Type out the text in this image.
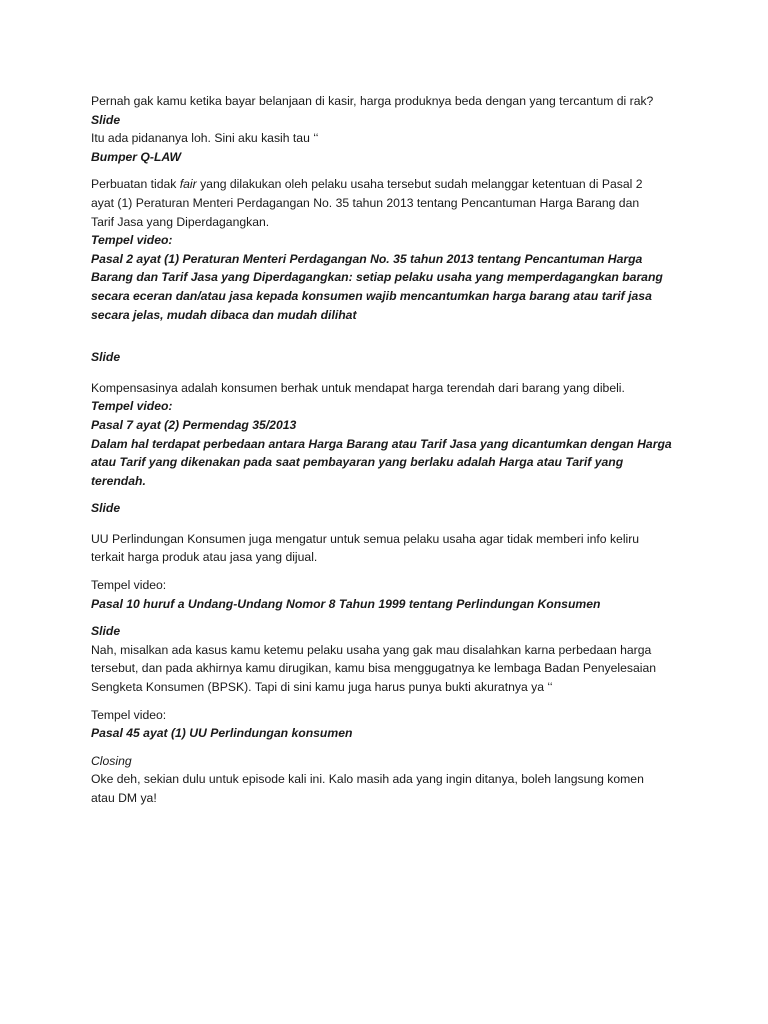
Pernah gak kamu ketika bayar belanjaan di kasir, harga produknya beda dengan yang tercantum di rak?
Slide
Itu ada pidananya loh. Sini aku kasih tau ‘‘
Bumper Q-LAW
Perbuatan tidak fair yang dilakukan oleh pelaku usaha tersebut sudah melanggar ketentuan di Pasal 2
ayat (1) Peraturan Menteri Perdagangan No. 35 tahun 2013 tentang Pencantuman Harga Barang dan
Tarif Jasa yang Diperdagangkan.
Tempel video:
Pasal 2 ayat (1) Peraturan Menteri Perdagangan No. 35 tahun 2013 tentang Pencantuman Harga
Barang dan Tarif Jasa yang Diperdagangkan: setiap pelaku usaha yang memperdagangkan barang
secara eceran dan/atau jasa kepada konsumen wajib mencantumkan harga barang atau tarif jasa
secara jelas, mudah dibaca dan mudah dilihat
Slide
Kompensasinya adalah konsumen berhak untuk mendapat harga terendah dari barang yang dibeli.
Tempel video:
Pasal 7 ayat (2) Permendag 35/2013
Dalam hal terdapat perbedaan antara Harga Barang atau Tarif Jasa yang dicantumkan dengan Harga
atau Tarif yang dikenakan pada saat pembayaran yang berlaku adalah Harga atau Tarif yang
terendah.
Slide
UU Perlindungan Konsumen juga mengatur untuk semua pelaku usaha agar tidak memberi info keliru
terkait harga produk atau jasa yang dijual.
Tempel video:
Pasal 10 huruf a Undang-Undang Nomor 8 Tahun 1999 tentang Perlindungan Konsumen
Slide
Nah, misalkan ada kasus kamu ketemu pelaku usaha yang gak mau disalahkan karna perbedaan harga
tersebut, dan pada akhirnya kamu dirugikan, kamu bisa menggugatnya ke lembaga Badan Penyelesaian
Sengketa Konsumen (BPSK). Tapi di sini kamu juga harus punya bukti akuratnya ya ‘‘
Tempel video:
Pasal 45 ayat (1) UU Perlindungan konsumen
Closing
Oke deh, sekian dulu untuk episode kali ini. Kalo masih ada yang ingin ditanya, boleh langsung komen
atau DM ya!
